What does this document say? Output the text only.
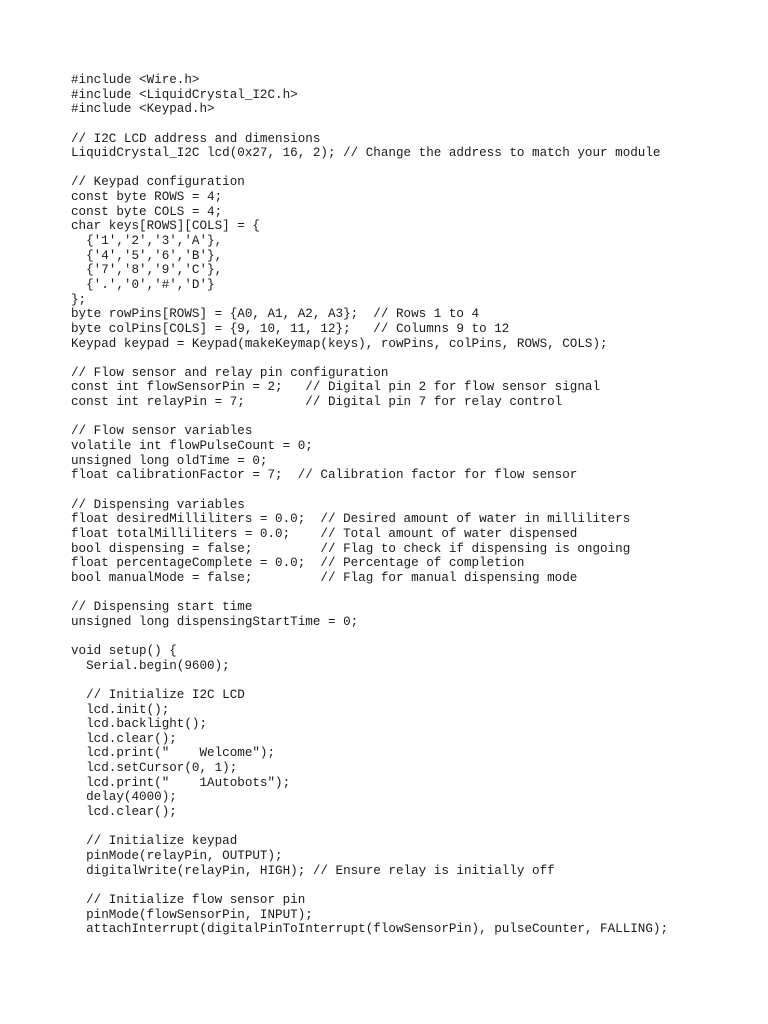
#include <Wire.h>
#include <LiquidCrystal_I2C.h>
#include <Keypad.h>
// I2C LCD address and dimensions
LiquidCrystal_I2C lcd(0x27, 16, 2); // Change the address to match your module
// Keypad configuration
const byte ROWS = 4;
const byte COLS = 4;
char keys[ROWS][COLS] = {
{'1','2','3','A'},
{'4','5','6','B'},
{'7','8','9','C'},
{'.','0','#','D'}
};
byte rowPins[ROWS] = {A0, A1, A2, A3};  // Rows 1 to 4
byte colPins[COLS] = {9, 10, 11, 12};   // Columns 9 to 12
Keypad keypad = Keypad(makeKeymap(keys), rowPins, colPins, ROWS, COLS);
// Flow sensor and relay pin configuration
const int flowSensorPin = 2;   // Digital pin 2 for flow sensor signal
const int relayPin = 7;        // Digital pin 7 for relay control
// Flow sensor variables
volatile int flowPulseCount = 0;
unsigned long oldTime = 0;
float calibrationFactor = 7;  // Calibration factor for flow sensor
// Dispensing variables
float desiredMilliliters = 0.0;  // Desired amount of water in milliliters
float totalMilliliters = 0.0;    // Total amount of water dispensed
bool dispensing = false;         // Flag to check if dispensing is ongoing
float percentageComplete = 0.0;  // Percentage of completion
bool manualMode = false;         // Flag for manual dispensing mode
// Dispensing start time
unsigned long dispensingStartTime = 0;
void setup() {
Serial.begin(9600);
// Initialize I2C LCD
lcd.init();
lcd.backlight();
lcd.clear();
lcd.print("    Welcome");
lcd.setCursor(0, 1);
lcd.print("    1Autobots");
delay(4000);
lcd.clear();
// Initialize keypad
pinMode(relayPin, OUTPUT);
digitalWrite(relayPin, HIGH); // Ensure relay is initially off
// Initialize flow sensor pin
pinMode(flowSensorPin, INPUT);
attachInterrupt(digitalPinToInterrupt(flowSensorPin), pulseCounter, FALLING);
